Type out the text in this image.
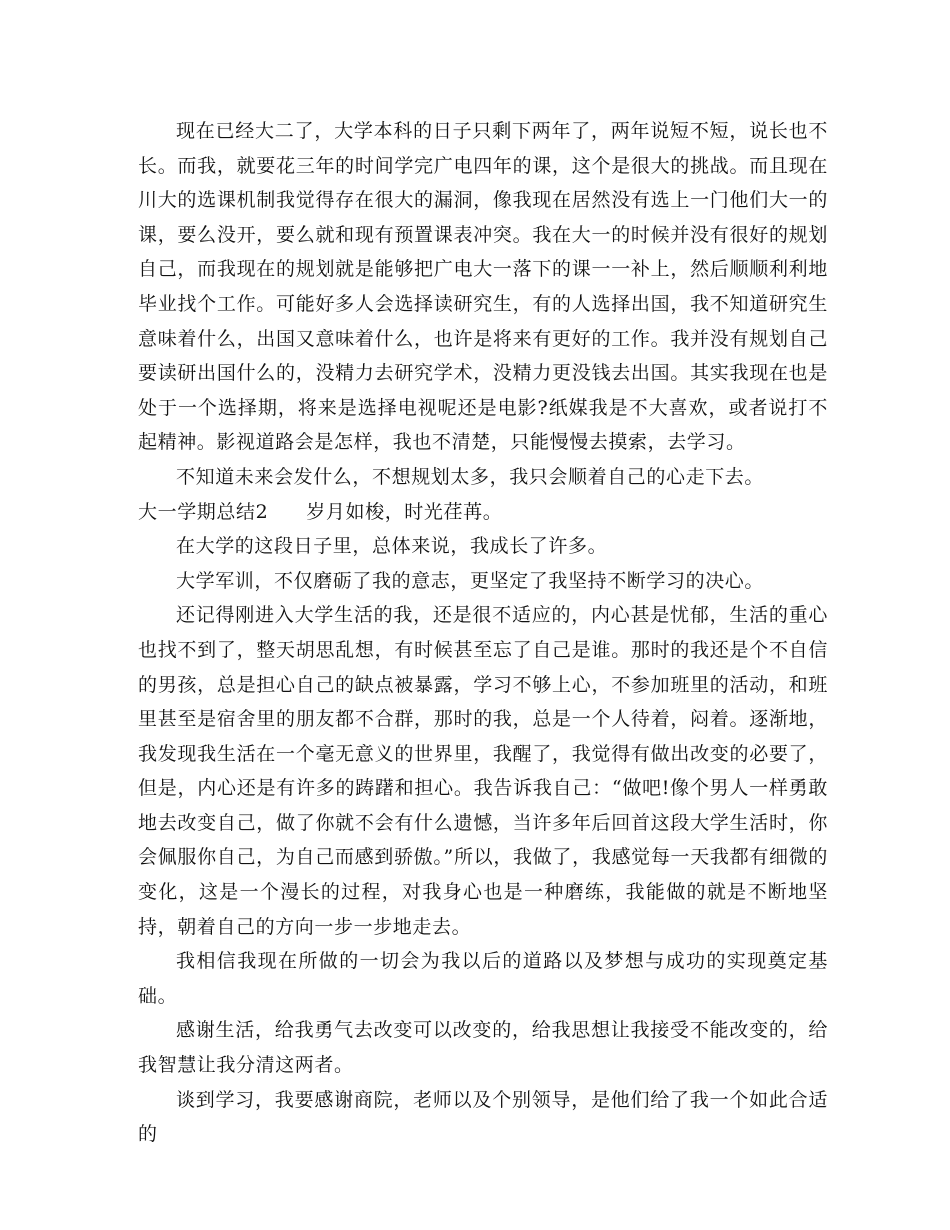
现在已经大二了，大学本科的日子只剩下两年了，两年说短不短，说长也不长。而我，就要花三年的时间学完广电四年的课，这个是很大的挑战。而且现在川大的选课机制我觉得存在很大的漏洞，像我现在居然没有选上一门他们大一的课，要么没开，要么就和现有预置课表冲突。我在大一的时候并没有很好的规划自己，而我现在的规划就是能够把广电大一落下的课一一补上，然后顺顺利利地毕业找个工作。可能好多人会选择读研究生，有的人选择出国，我不知道研究生意味着什么，出国又意味着什么，也许是将来有更好的工作。我并没有规划自己要读研出国什么的，没精力去研究学术，没精力更没钱去出国。其实我现在也是处于一个选择期，将来是选择电视呢还是电影?纸媒我是不大喜欢，或者说打不起精神。影视道路会是怎样，我也不清楚，只能慢慢去摸索，去学习。

不知道未来会发什么，不想规划太多，我只会顺着自己的心走下去。

大一学期总结2 岁月如梭，时光荏苒。

在大学的这段日子里，总体来说，我成长了许多。

大学军训，不仅磨砺了我的意志，更坚定了我坚持不断学习的决心。

还记得刚进入大学生活的我，还是很不适应的，内心甚是忧郁，生活的重心也找不到了，整天胡思乱想，有时候甚至忘了自己是谁。那时的我还是个不自信的男孩，总是担心自己的缺点被暴露，学习不够上心，不参加班里的活动，和班里甚至是宿舍里的朋友都不合群，那时的我，总是一个人待着，闷着。逐渐地，我发现我生活在一个毫无意义的世界里，我醒了，我觉得有做出改变的必要了，但是，内心还是有许多的踌躇和担心。我告诉我自己：“做吧!像个男人一样勇敢地去改变自己，做了你就不会有什么遗憾，当许多年后回首这段大学生活时，你会佩服你自己，为自己而感到骄傲。”所以，我做了，我感觉每一天我都有细微的变化，这是一个漫长的过程，对我身心也是一种磨练，我能做的就是不断地坚持，朝着自己的方向一步一步地走去。

我相信我现在所做的一切会为我以后的道路以及梦想与成功的实现奠定基础。

感谢生活，给我勇气去改变可以改变的，给我思想让我接受不能改变的，给我智慧让我分清这两者。

谈到学习，我要感谢商院，老师以及个别领导，是他们给了我一个如此合适的
